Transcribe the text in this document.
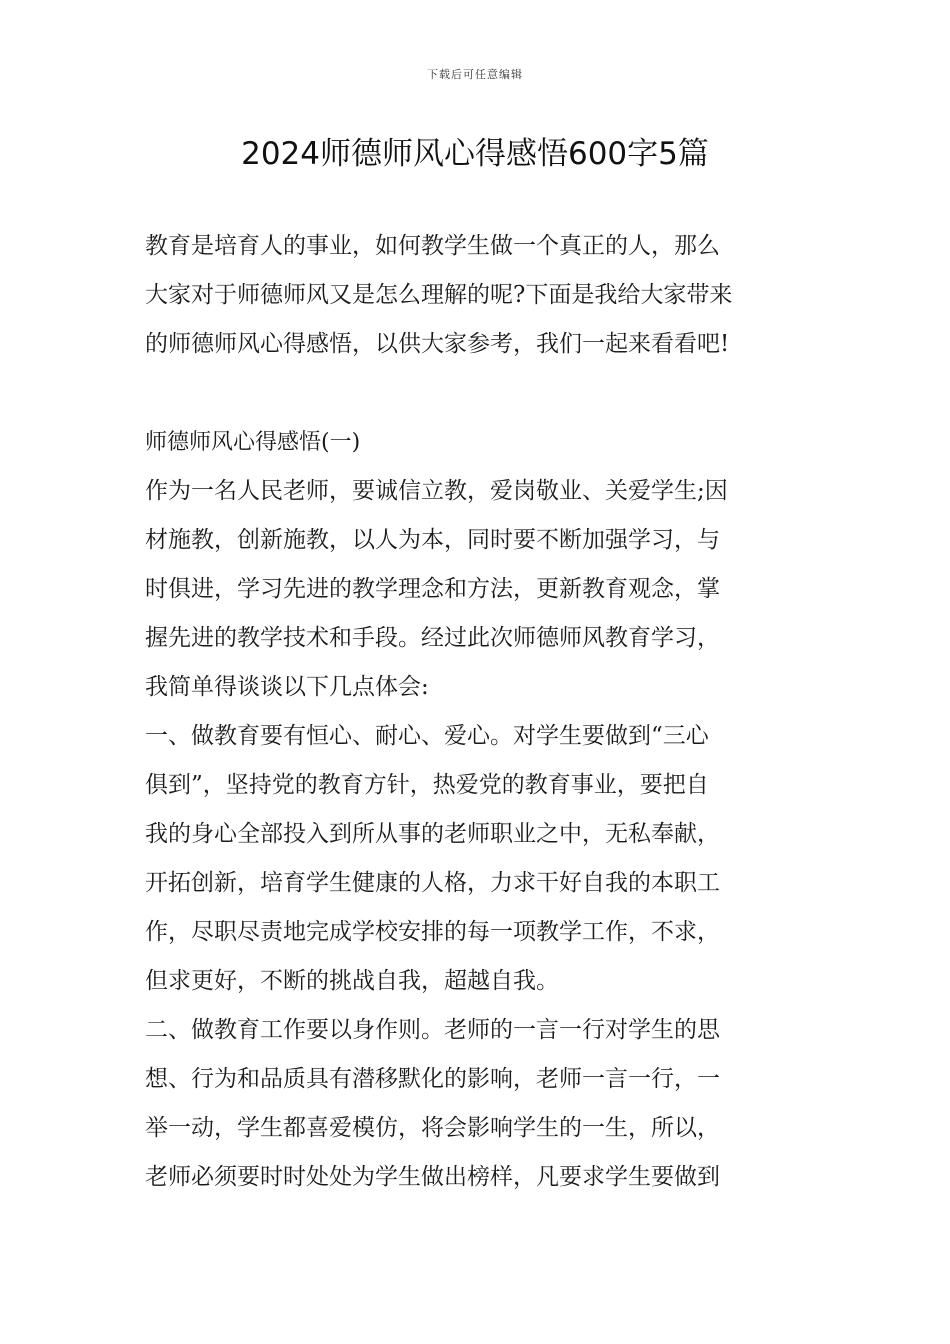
下载后可任意编辑
2024师德师风心得感悟600字5篇
教育是培育人的事业，如何教学生做一个真正的人，那么
大家对于师德师风又是怎么理解的呢?下面是我给大家带来
的师德师风心得感悟，以供大家参考，我们一起来看看吧!
师德师风心得感悟(一)
作为一名人民老师，要诚信立教，爱岗敬业、关爱学生;因
材施教，创新施教，以人为本，同时要不断加强学习，与
时俱进，学习先进的教学理念和方法，更新教育观念，掌
握先进的教学技术和手段。经过此次师德师风教育学习，
我简单得谈谈以下几点体会:
一、做教育要有恒心、耐心、爱心。对学生要做到“三心
俱到”，坚持党的教育方针，热爱党的教育事业，要把自
我的身心全部投入到所从事的老师职业之中，无私奉献，
开拓创新，培育学生健康的人格，力求干好自我的本职工
作，尽职尽责地完成学校安排的每一项教学工作，不求，
但求更好，不断的挑战自我，超越自我。
二、做教育工作要以身作则。老师的一言一行对学生的思
想、行为和品质具有潜移默化的影响，老师一言一行，一
举一动，学生都喜爱模仿，将会影响学生的一生，所以，
老师必须要时时处处为学生做出榜样，凡要求学生要做到
